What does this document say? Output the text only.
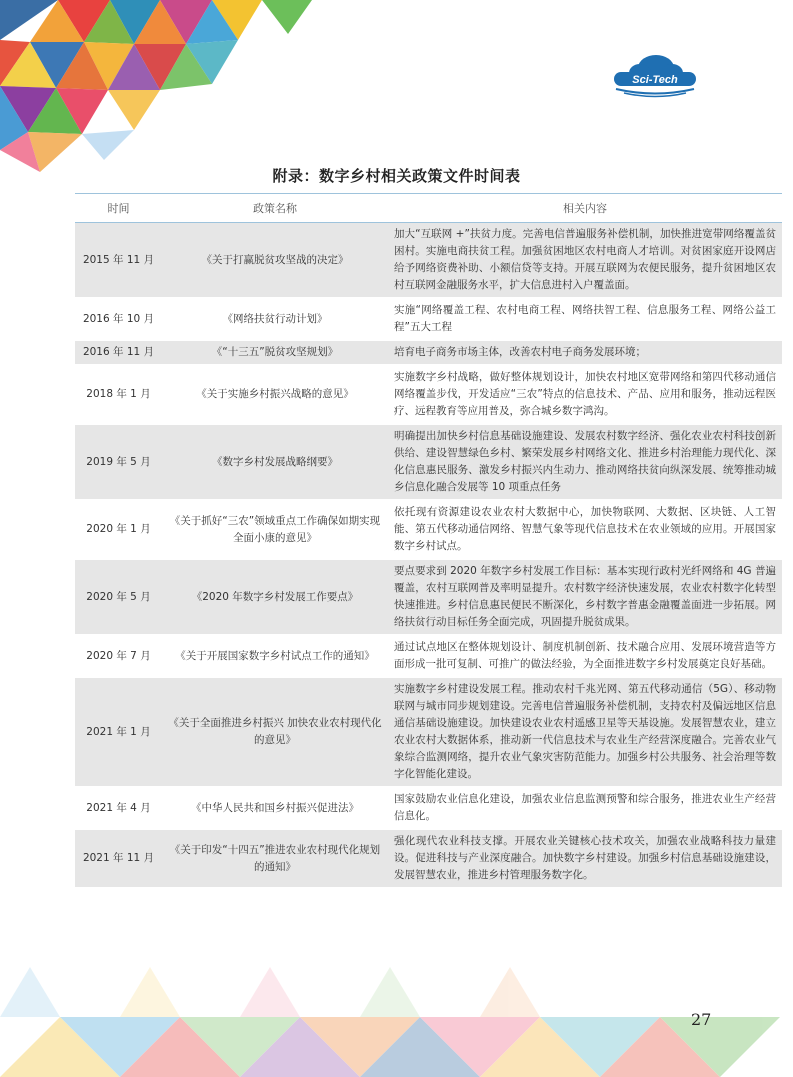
Sci-Tech
附录：数字乡村相关政策文件时间表
时间	政策名称	相关内容
2015 年 11 月	《关于打赢脱贫攻坚战的决定》	加大“互联网 +”扶贫力度。完善电信普遍服务补偿机制，加快推进宽带网络覆盖贫困村。实施电商扶贫工程。加强贫困地区农村电商人才培训。对贫困家庭开设网店给予网络资费补助、小额信贷等支持。开展互联网为农便民服务，提升贫困地区农村互联网金融服务水平，扩大信息进村入户覆盖面。
2016 年 10 月	《网络扶贫行动计划》	实施“网络覆盖工程、农村电商工程、网络扶智工程、信息服务工程、网络公益工程”五大工程
2016 年 11 月	《“十三五”脱贫攻坚规划》	培育电子商务市场主体，改善农村电子商务发展环境；
2018 年 1 月	《关于实施乡村振兴战略的意见》	实施数字乡村战略，做好整体规划设计，加快农村地区宽带网络和第四代移动通信网络覆盖步伐，开发适应“三农”特点的信息技术、产品、应用和服务，推动远程医疗、远程教育等应用普及，弥合城乡数字鸿沟。
2019 年 5 月	《数字乡村发展战略纲要》	明确提出加快乡村信息基础设施建设、发展农村数字经济、强化农业农村科技创新供给、建设智慧绿色乡村、繁荣发展乡村网络文化、推进乡村治理能力现代化、深化信息惠民服务、激发乡村振兴内生动力、推动网络扶贫向纵深发展、统筹推动城乡信息化融合发展等 10 项重点任务
2020 年 1 月	《关于抓好“三农”领域重点工作确保如期实现全面小康的意见》	依托现有资源建设农业农村大数据中心，加快物联网、大数据、区块链、人工智能、第五代移动通信网络、智慧气象等现代信息技术在农业领域的应用。开展国家数字乡村试点。
2020 年 5 月	《2020 年数字乡村发展工作要点》	要点要求到 2020 年数字乡村发展工作目标：基本实现行政村光纤网络和 4G 普遍覆盖，农村互联网普及率明显提升。农村数字经济快速发展，农业农村数字化转型快速推进。乡村信息惠民便民不断深化，乡村数字普惠金融覆盖面进一步拓展。网络扶贫行动目标任务全面完成，巩固提升脱贫成果。
2020 年 7 月	《关于开展国家数字乡村试点工作的通知》	通过试点地区在整体规划设计、制度机制创新、技术融合应用、发展环境营造等方面形成一批可复制、可推广的做法经验，为全面推进数字乡村发展奠定良好基础。
2021 年 1 月	《关于全面推进乡村振兴 加快农业农村现代化的意见》	实施数字乡村建设发展工程。推动农村千兆光网、第五代移动通信（5G）、移动物联网与城市同步规划建设。完善电信普遍服务补偿机制，支持农村及偏远地区信息通信基础设施建设。加快建设农业农村遥感卫星等天基设施。发展智慧农业，建立农业农村大数据体系，推动新一代信息技术与农业生产经营深度融合。完善农业气象综合监测网络，提升农业气象灾害防范能力。加强乡村公共服务、社会治理等数字化智能化建设。
2021 年 4 月	《中华人民共和国乡村振兴促进法》	国家鼓励农业信息化建设，加强农业信息监测预警和综合服务，推进农业生产经营信息化。
2021 年 11 月	《关于印发“十四五”推进农业农村现代化规划的通知》	强化现代农业科技支撑。开展农业关键核心技术攻关，加强农业战略科技力量建设。促进科技与产业深度融合。加快数字乡村建设。加强乡村信息基础设施建设，发展智慧农业，推进乡村管理服务数字化。
27
